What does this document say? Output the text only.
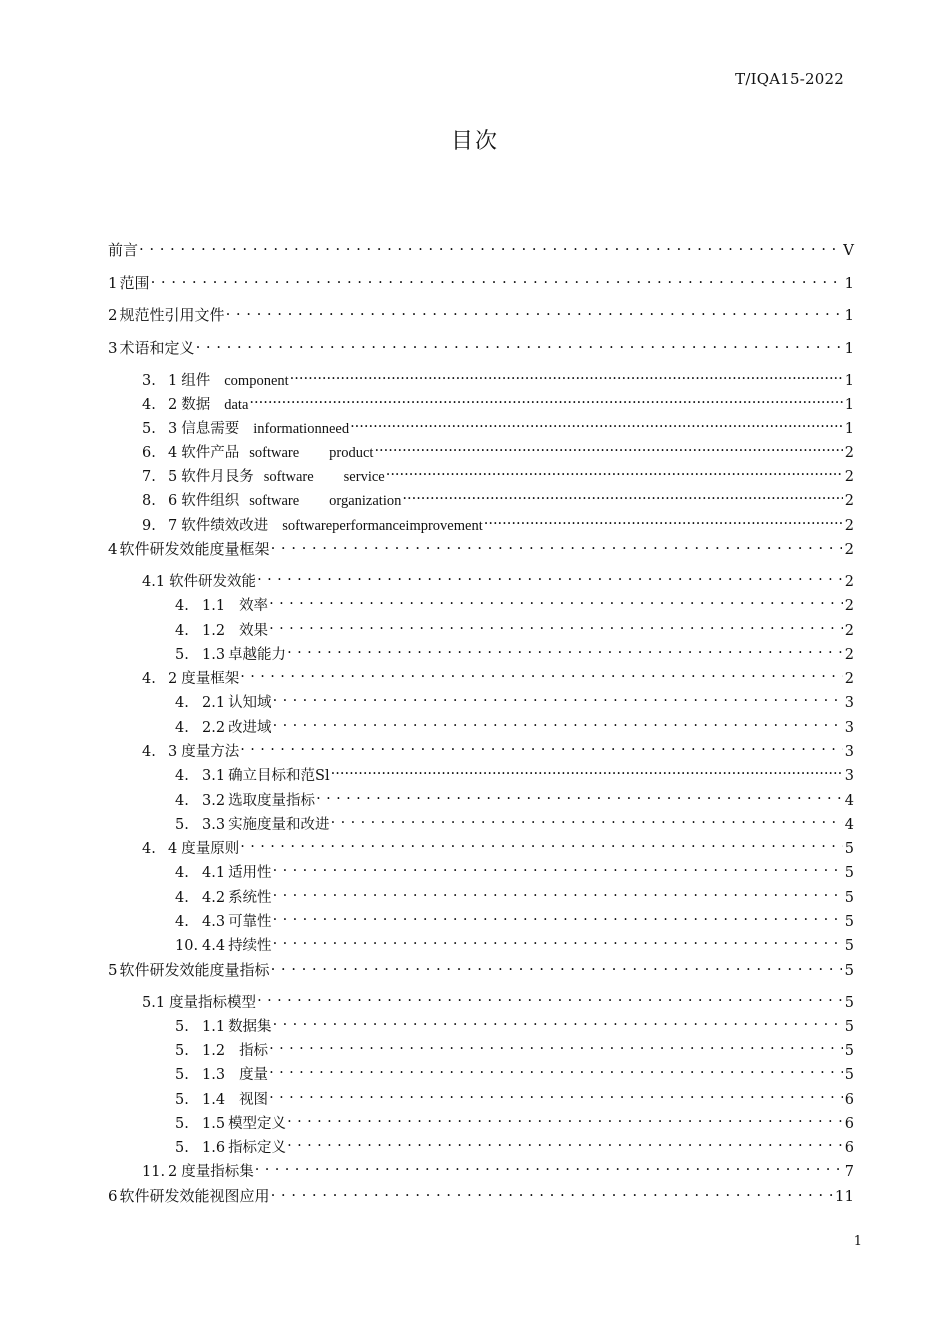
T/IQA15-2022
目次
前言 . . .	V
1 范围 . . .	1
2 规范性引用文件 . . .	1
3 术语和定义 . . .	1
3. 1 组件 component .....	1
4. 2 数据 data .....	1
5. 3 信息需要 informationneed .....	1
6. 4 软件产品 software product .....	2
7. 5 软件月艮务 software service .....	2
8. 6 软件组织 software organization .....	2
9. 7 软件绩效改进 softwareperformanceimprovement .....	2
4 软件研发效能度量框架 . . .	2
4.1 软件研发效能 . . .	2
4. 1.1 效率 . . .	2
4. 1.2 效果 . . .	2
5. 1.3 卓越能力 . . .	2
4. 2 度量框架 . . .	2
4. 2.1 认知域 . . .	3
4. 2.2 改进域 . . .	3
4. 3 度量方法 . . .	3
4. 3.1 确立目标和范Sl .....	3
4. 3.2 选取度量指标 . . .	4
5. 3.3 实施度量和改进 . . .	4
4. 4 度量原则 . . .	5
4. 4.1 适用性 . . .	5
4. 4.2 系统性 . . .	5
4. 4.3 可靠性 . . .	5
10. 4.4 持续性 . . .	5
5 软件研发效能度量指标 . . .	5
5.1 度量指标模型 . . .	5
5. 1.1 数据集 . . .	5
5. 1.2 指标 . . .	5
5. 1.3 度量 . . .	5
5. 1.4 视图 . . .	6
5. 1.5 模型定义 . . .	6
5. 1.6 指标定义 . . .	6
11. 2 度量指标集 . . .	7
6 软件研发效能视图应用 . . .	11
1
